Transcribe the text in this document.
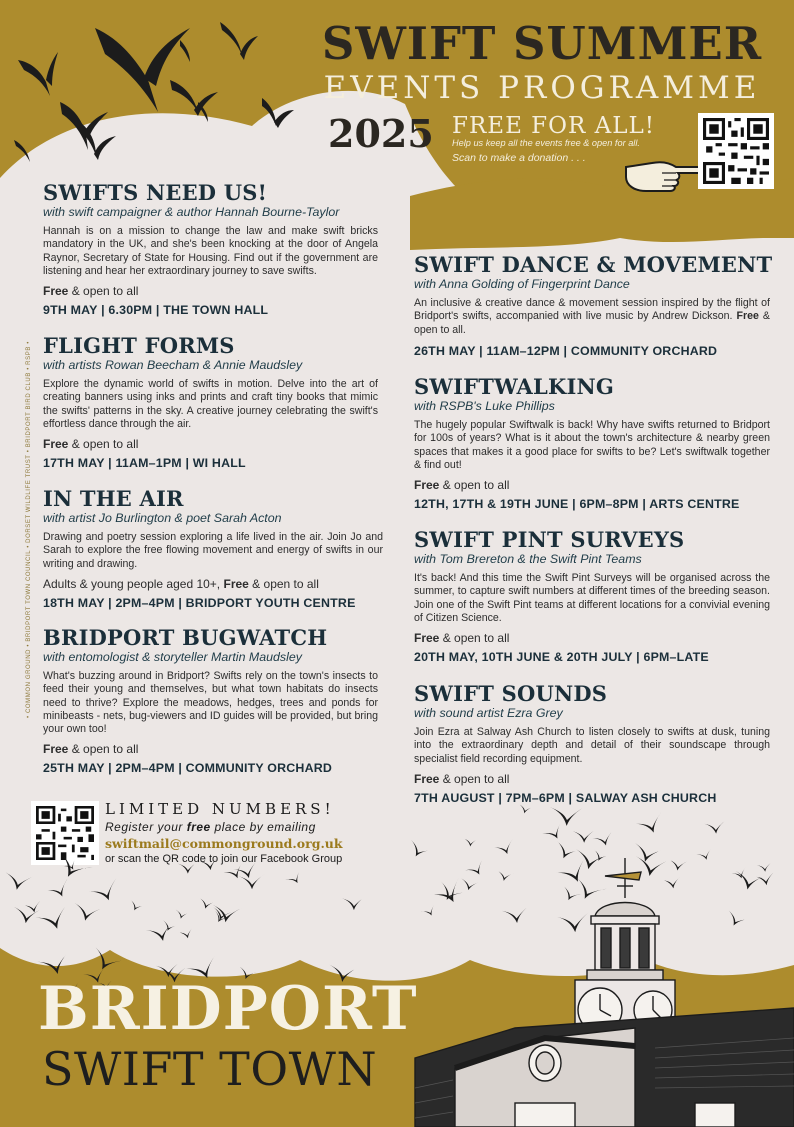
SWIFT SUMMER
EVENTS PROGRAMME
2025 FREE FOR ALL!
Help us keep all the events free & open for all.
Scan to make a donation . . .
• COMMON GROUND • BRIDPORT TOWN COUNCIL • DORSET WILDLIFE TRUST • BRIDPORT BIRD CLUB • RSPB •
SWIFTS NEED US!
with swift campaigner & author Hannah Bourne-Taylor
Hannah is on a mission to change the law and make swift bricks mandatory in the UK, and she's been knocking at the door of Angela Raynor, Secretary of State for Housing. Find out if the government are listening and hear her extraordinary journey to save swifts.
Free & open to all
9TH MAY | 6.30PM | THE TOWN HALL
FLIGHT FORMS
with artists Rowan Beecham & Annie Maudsley
Explore the dynamic world of swifts in motion. Delve into the art of creating banners using inks and prints and craft tiny books that mimic the swifts' patterns in the sky. A creative journey celebrating the swift's effortless dance through the air.
Free & open to all
17TH MAY | 11AM–1PM | WI HALL
IN THE AIR
with artist Jo Burlington & poet Sarah Acton
Drawing and poetry session exploring a life lived in the air. Join Jo and Sarah to explore the free flowing movement and energy of swifts in our writing and drawing.
Adults & young people aged 10+, Free & open to all
18TH MAY | 2PM–4PM | BRIDPORT YOUTH CENTRE
BRIDPORT BUGWATCH
with entomologist & storyteller Martin Maudsley
What's buzzing around in Bridport? Swifts rely on the town's insects to feed their young and themselves, but what town habitats do insects need to thrive? Explore the meadows, hedges, trees and ponds for minibeasts - nets, bug-viewers and ID guides will be provided, but bring your own too!
Free & open to all
25TH MAY | 2PM–4PM | COMMUNITY ORCHARD
SWIFT DANCE & MOVEMENT
with Anna Golding of Fingerprint Dance
An inclusive & creative dance & movement session inspired by the flight of Bridport's swifts, accompanied with live music by Andrew Dickson. Free & open to all.
26TH MAY | 11AM–12PM | COMMUNITY ORCHARD
SWIFTWALKING
with RSPB's Luke Phillips
The hugely popular Swiftwalk is back! Why have swifts returned to Bridport for 100s of years? What is it about the town's architecture & nearby green spaces that makes it a good place for swifts to be? Let's swiftwalk together & find out!
Free & open to all
12TH, 17TH & 19TH JUNE | 6PM–8PM | ARTS CENTRE
SWIFT PINT SURVEYS
with Tom Brereton & the Swift Pint Teams
It's back! And this time the Swift Pint Surveys will be organised across the summer, to capture swift numbers at different times of the breeding season. Join one of the Swift Pint teams at different locations for a convivial evening of Citizen Science.
Free & open to all
20TH MAY, 10TH JUNE & 20TH JULY | 6PM–LATE
SWIFT SOUNDS
with sound artist Ezra Grey
Join Ezra at Salway Ash Church to listen closely to swifts at dusk, tuning into the extraordinary depth and detail of their soundscape through specialist field recording equipment.
Free & open to all
7TH AUGUST | 7PM–6PM | SALWAY ASH CHURCH
LIMITED NUMBERS!
Register your free place by emailing
swiftmail@commonground.org.uk
or scan the QR code to join our Facebook Group
BRIDPORT
SWIFT TOWN
